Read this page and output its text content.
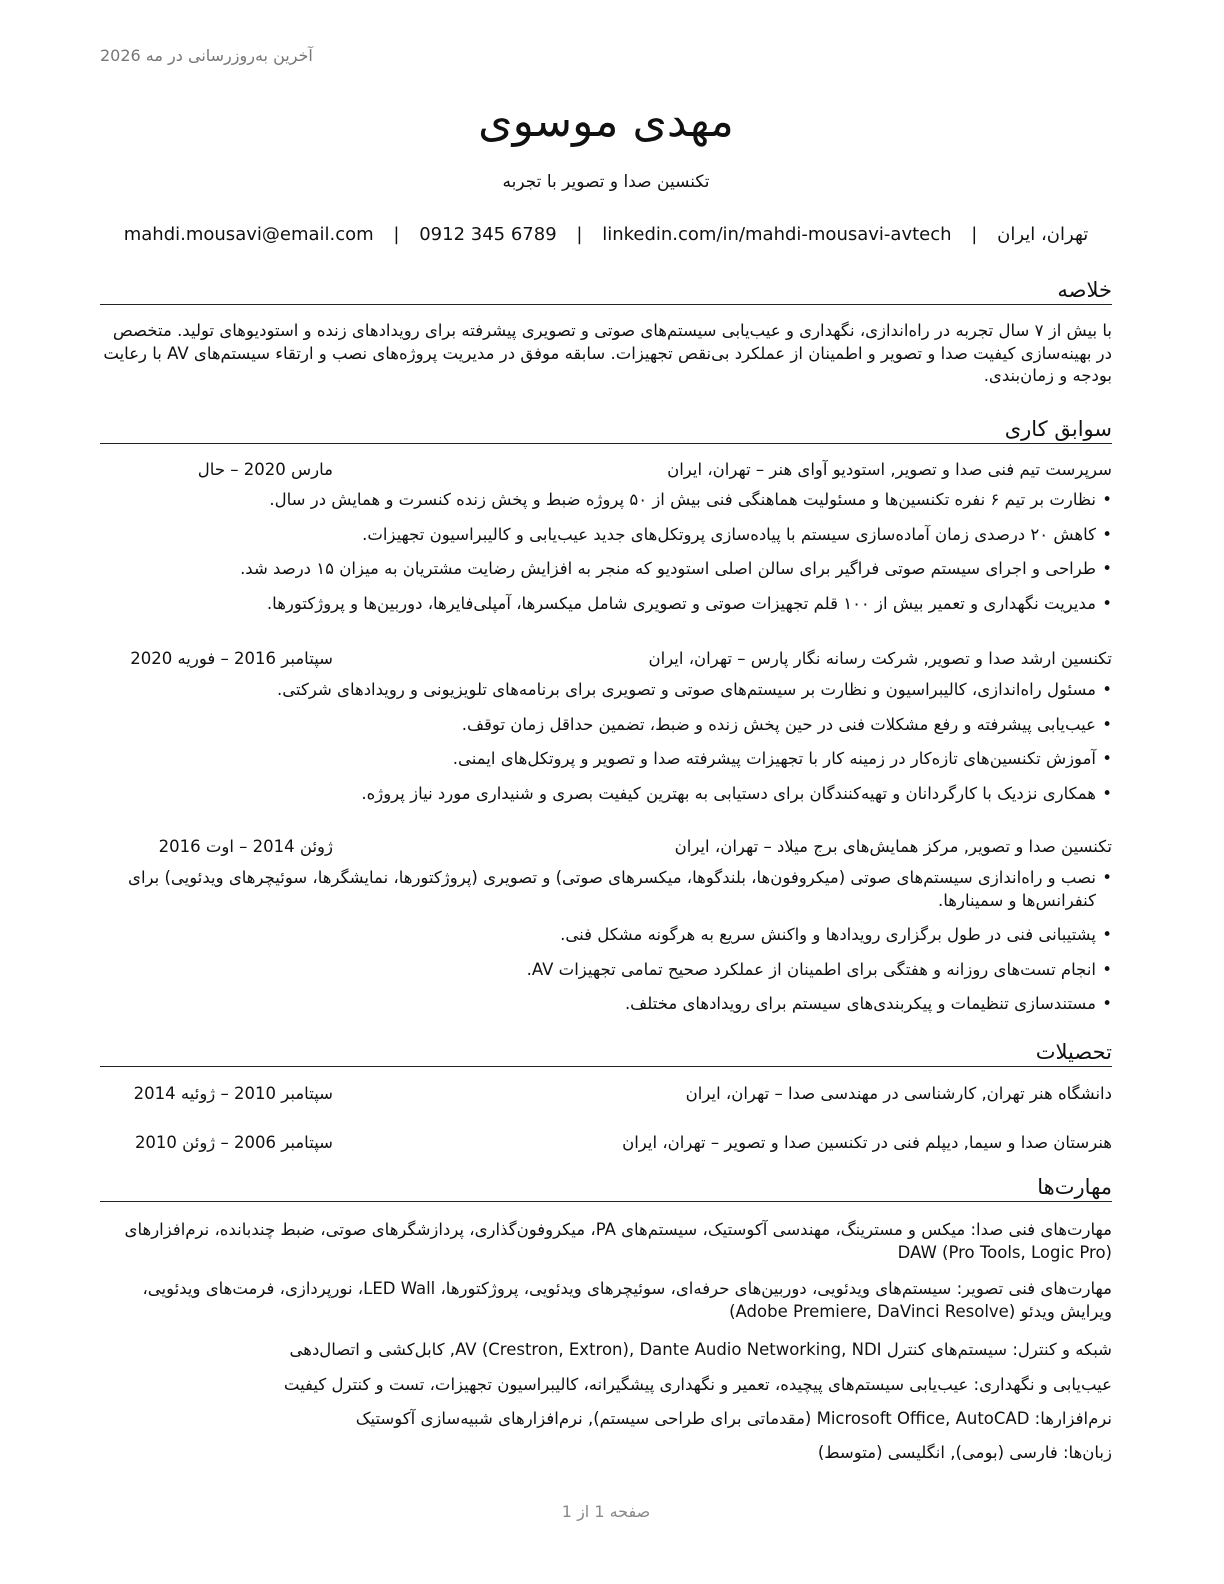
آخرین به‌روزرسانی در مه 2026
مهدی موسوی
تکنسین صدا و تصویر با تجربه
تهران، ایران | mahdi.mousavi@email.com | 0912 345 6789 | linkedin.com/in/mahdi-mousavi-avtech
خلاصه
با بیش از ۷ سال تجربه در راه‌اندازی، نگهداری و عیب‌یابی سیستم‌های صوتی و تصویری پیشرفته برای رویدادهای زنده و استودیوهای تولید. متخصص در بهینه‌سازی کیفیت صدا و تصویر و اطمینان از عملکرد بی‌نقص تجهیزات. سابقه موفق در مدیریت پروژه‌های نصب و ارتقاء سیستم‌های AV با رعایت بودجه و زمان‌بندی.
سوابق کاری
سرپرست تیم فنی صدا و تصویر, استودیو آوای هنر – تهران، ایران
مارس 2020 – حال
• نظارت بر تیم ۶ نفره تکنسین‌ها و مسئولیت هماهنگی فنی بیش از ۵۰ پروژه ضبط و پخش زنده کنسرت و همایش در سال.
• کاهش ۲۰ درصدی زمان آماده‌سازی سیستم با پیاده‌سازی پروتکل‌های جدید عیب‌یابی و کالیبراسیون تجهیزات.
• طراحی و اجرای سیستم صوتی فراگیر برای سالن اصلی استودیو که منجر به افزایش رضایت مشتریان به میزان ۱۵ درصد شد.
• مدیریت نگهداری و تعمیر بیش از ۱۰۰ قلم تجهیزات صوتی و تصویری شامل میکسرها، آمپلی‌فایرها، دوربین‌ها و پروژکتورها.
تکنسین ارشد صدا و تصویر, شرکت رسانه نگار پارس – تهران، ایران
سپتامبر 2016 – فوریه 2020
• مسئول راه‌اندازی، کالیبراسیون و نظارت بر سیستم‌های صوتی و تصویری برای برنامه‌های تلویزیونی و رویدادهای شرکتی.
• عیب‌یابی پیشرفته و رفع مشکلات فنی در حین پخش زنده و ضبط، تضمین حداقل زمان توقف.
• آموزش تکنسین‌های تازه‌کار در زمینه کار با تجهیزات پیشرفته صدا و تصویر و پروتکل‌های ایمنی.
• همکاری نزدیک با کارگردانان و تهیه‌کنندگان برای دستیابی به بهترین کیفیت بصری و شنیداری مورد نیاز پروژه.
تکنسین صدا و تصویر, مرکز همایش‌های برج میلاد – تهران، ایران
ژوئن 2014 – اوت 2016
• نصب و راه‌اندازی سیستم‌های صوتی (میکروفون‌ها، بلندگوها، میکسرهای صوتی) و تصویری (پروژکتورها، نمایشگرها، سوئیچرهای ویدئویی) برای کنفرانس‌ها و سمینارها.
• پشتیبانی فنی در طول برگزاری رویدادها و واکنش سریع به هرگونه مشکل فنی.
• انجام تست‌های روزانه و هفتگی برای اطمینان از عملکرد صحیح تمامی تجهیزات AV.
• مستندسازی تنظیمات و پیکربندی‌های سیستم برای رویدادهای مختلف.
تحصیلات
دانشگاه هنر تهران, کارشناسی در مهندسی صدا – تهران، ایران
سپتامبر 2010 – ژوئیه 2014
هنرستان صدا و سیما, دیپلم فنی در تکنسین صدا و تصویر – تهران، ایران
سپتامبر 2006 – ژوئن 2010
مهارت‌ها
مهارت‌های فنی صدا: میکس و مسترینگ، مهندسی آکوستیک، سیستم‌های PA، میکروفون‌گذاری، پردازشگرهای صوتی، ضبط چندباندە، نرم‌افزارهای DAW (Pro Tools, Logic Pro)
مهارت‌های فنی تصویر: سیستم‌های ویدئویی، دوربین‌های حرفه‌ای، سوئیچرهای ویدئویی، پروژکتورها، LED Wall، نورپردازی، فرمت‌های ویدئویی، ویرایش ویدئو (Adobe Premiere, DaVinci Resolve)
شبکه و کنترل: سیستم‌های کنترل AV (Crestron, Extron), Dante Audio Networking, NDI, کابل‌کشی و اتصال‌دهی
عیب‌یابی و نگهداری: عیب‌یابی سیستم‌های پیچیده، تعمیر و نگهداری پیشگیرانه، کالیبراسیون تجهیزات، تست و کنترل کیفیت
نرم‌افزارها: Microsoft Office, AutoCAD (مقدماتی برای طراحی سیستم), نرم‌افزارهای شبیه‌سازی آکوستیک
زبان‌ها: فارسی (بومی), انگلیسی (متوسط)
صفحه 1 از 1
